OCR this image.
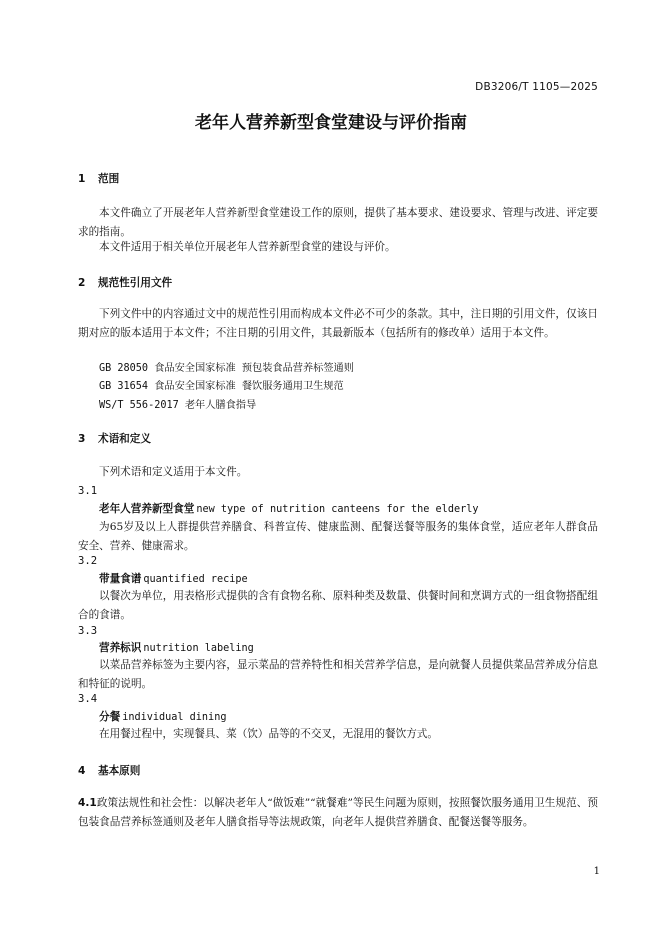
DB3206/T 1105—2025
老年人营养新型食堂建设与评价指南
1 范围
本文件确立了开展老年人营养新型食堂建设工作的原则，提供了基本要求、建设要求、管理与改进、评定要求的指南。
本文件适用于相关单位开展老年人营养新型食堂的建设与评价。
2 规范性引用文件
下列文件中的内容通过文中的规范性引用而构成本文件必不可少的条款。其中，注日期的引用文件，仅该日期对应的版本适用于本文件；不注日期的引用文件，其最新版本（包括所有的修改单）适用于本文件。
GB 28050 食品安全国家标准 预包装食品营养标签通则
GB 31654 食品安全国家标准 餐饮服务通用卫生规范
WS/T 556-2017 老年人膳食指导
3 术语和定义
下列术语和定义适用于本文件。
3.1
老年人营养新型食堂 new type of nutrition canteens for the elderly
为65岁及以上人群提供营养膳食、科普宣传、健康监测、配餐送餐等服务的集体食堂，适应老年人群食品安全、营养、健康需求。
3.2
带量食谱 quantified recipe
以餐次为单位，用表格形式提供的含有食物名称、原料种类及数量、供餐时间和烹调方式的一组食物搭配组合的食谱。
3.3
营养标识 nutrition labeling
以菜品营养标签为主要内容，显示菜品的营养特性和相关营养学信息，是向就餐人员提供菜品营养成分信息和特征的说明。
3.4
分餐 individual dining
在用餐过程中，实现餐具、菜（饮）品等的不交叉，无混用的餐饮方式。
4 基本原则
4.1政策法规性和社会性：以解决老年人“做饭难”“就餐难”等民生问题为原则，按照餐饮服务通用卫生规范、预包装食品营养标签通则及老年人膳食指导等法规政策，向老年人提供营养膳食、配餐送餐等服务。
1
